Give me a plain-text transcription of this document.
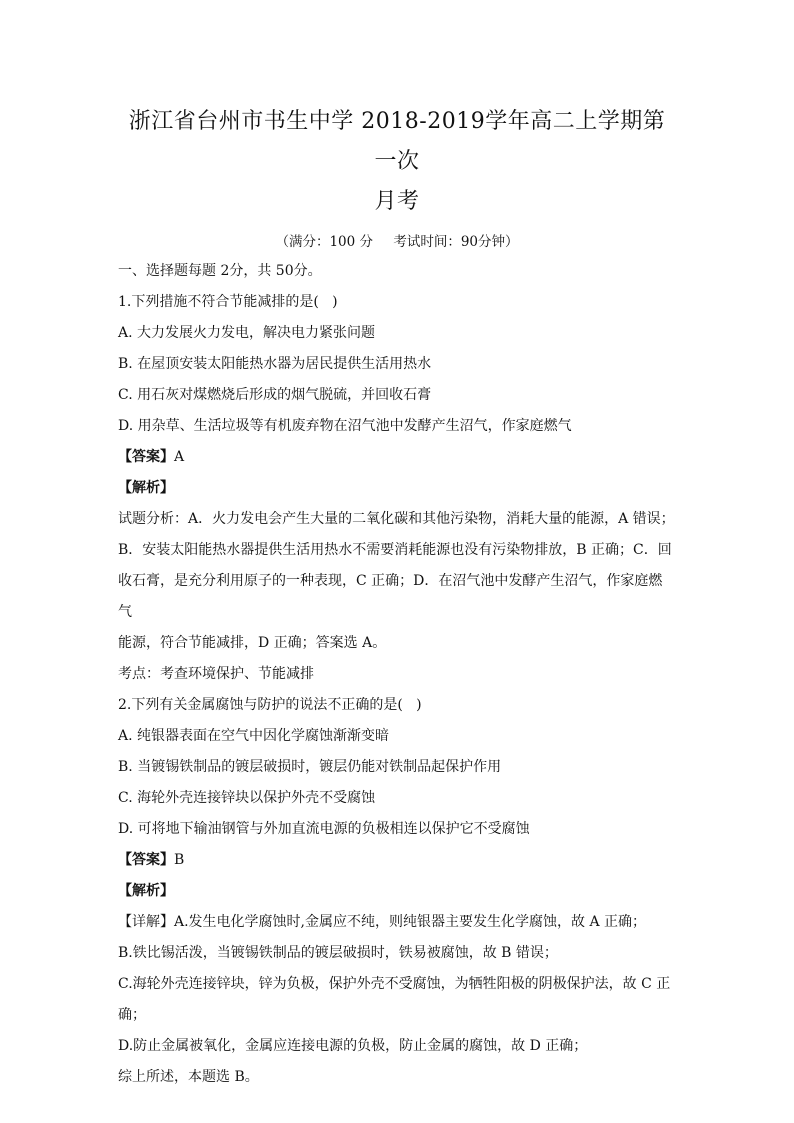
浙江省台州市书生中学 2018-2019学年高二上学期第一次
月考
（满分：100 分 考试时间：90分钟）

一、选择题每题 2分，共 50分。

1.下列措施不符合节能减排的是(   )

A. 大力发展火力发电，解决电力紧张问题

B. 在屋顶安装太阳能热水器为居民提供生活用热水

C. 用石灰对煤燃烧后形成的烟气脱硫，并回收石膏

D. 用杂草、生活垃圾等有机废弃物在沼气池中发酵产生沼气，作家庭燃气

【答案】A

【解析】

试题分析：A．火力发电会产生大量的二氧化碳和其他污染物，消耗大量的能源，A 错误；

B．安装太阳能热水器提供生活用热水不需要消耗能源也没有污染物排放，B 正确；C．回

收石膏，是充分利用原子的一种表现，C 正确；D．在沼气池中发酵产生沼气，作家庭燃气

能源，符合节能减排，D 正确；答案选 A。

考点：考查环境保护、节能减排

2.下列有关金属腐蚀与防护的说法不正确的是(   )

A. 纯银器表面在空气中因化学腐蚀渐渐变暗

B. 当镀锡铁制品的镀层破损时，镀层仍能对铁制品起保护作用

C. 海轮外壳连接锌块以保护外壳不受腐蚀

D. 可将地下输油钢管与外加直流电源的负极相连以保护它不受腐蚀

【答案】B

【解析】

【详解】A.发生电化学腐蚀时,金属应不纯，则纯银器主要发生化学腐蚀，故 A 正确；

B.铁比锡活泼，当镀锡铁制品的镀层破损时，铁易被腐蚀，故 B 错误；

C.海轮外壳连接锌块，锌为负极，保护外壳不受腐蚀，为牺牲阳极的阴极保护法，故 C 正

确；

D.防止金属被氧化，金属应连接电源的负极，防止金属的腐蚀，故 D 正确；

综上所述，本题选 B。
